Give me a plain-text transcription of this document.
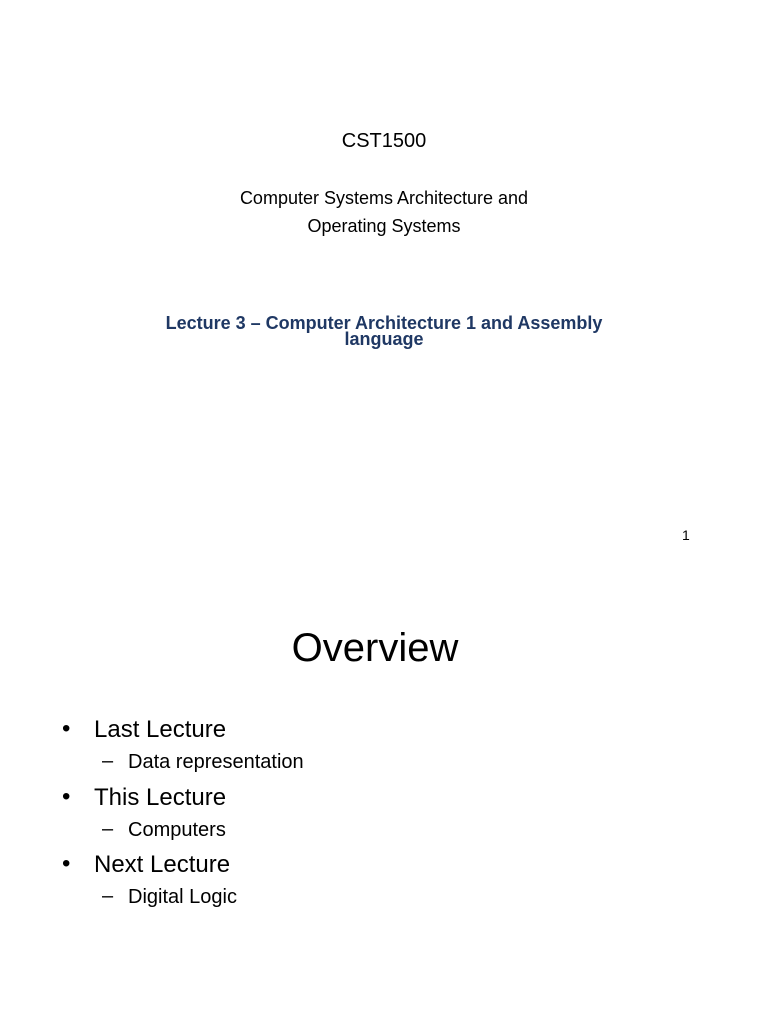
CST1500
Computer Systems Architecture and
Operating Systems
Lecture 3 – Computer Architecture 1 and Assembly
language
1
Overview
• Last Lecture
– Data representation
• This Lecture
– Computers
• Next Lecture
– Digital Logic
